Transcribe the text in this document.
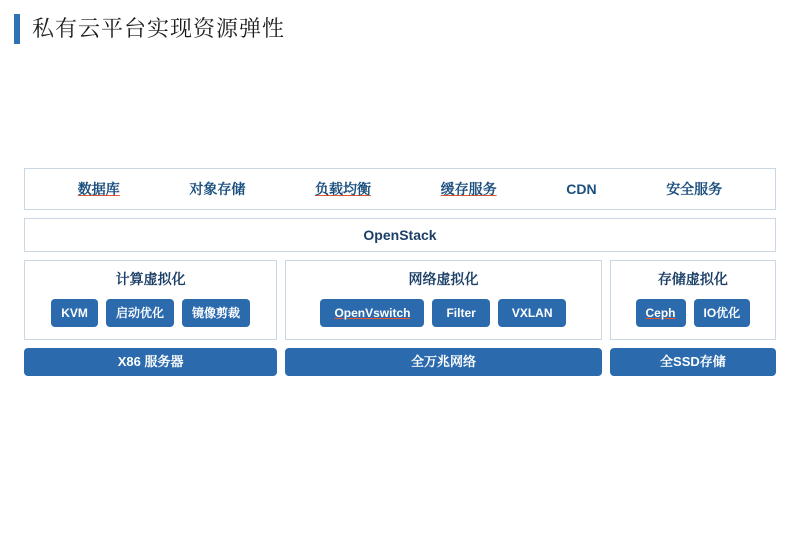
私有云平台实现资源弹性
数据库	对象存储	负载均衡	缓存服务	CDN	安全服务
OpenStack
计算虚拟化
KVM	启动优化	镜像剪裁
网络虚拟化
OpenVswitch	Filter	VXLAN
存储虚拟化
Ceph	IO优化
X86 服务器	全万兆网络	全SSD存储
